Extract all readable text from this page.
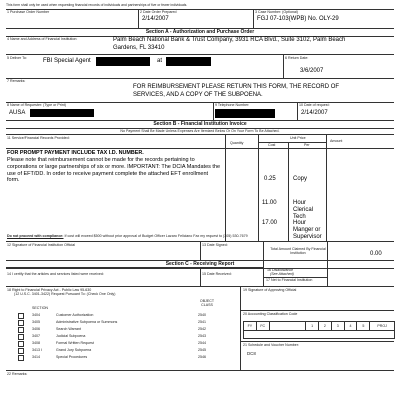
This form shall only be used when requesting financial records of individuals and partnerships of five or fewer individuals.
1 Purchase Order Number	2 Date Order Prepared
2/14/2007
3 Case Number: (Optional)
FGJ 07-103(WPB) No. OLY-29
Section A - Authorization and Purchase Order
4 Name and Address of Financial Institution:	Palm Beach National Bank & Trust Company, 3931 RCA Blvd., Suite 3102, Palm Beach
Gardens, FL 33410
5 Deliver To:	FBI Special Agent	at	6 Return Date:
3/6/2007
7 Remarks:
FOR REIMBURSEMENT PLEASE RETURN THIS FORM, THE RECORD OF
SERVICES, AND A COPY OF THE SUBPOENA.
8 Name of Requester: (Type or Print)
AUSA
9 Telephone Number:	10 Date of request:
2/14/2007
Section B - Financial Institution Invoice
No Payment Shall Be Made Unless Expenses Are Itemized Below Or On Your Form To Be Attached.
11 Service/Financial Records Provided:
Quantity
Unit Price
Cost	Per
Amount
FOR PROMPT PAYMENT INCLUDE TAX I.D. NUMBER.
Please note that reimbursement cannot be made for the records pertaining to corporations or large partnerships of six or more. IMPORTANT: The DCIA Mandates the use of EFT/DD. In order to receive payment complete the attached EFT enrollment form.	0.25	Copy
11.00	Hour Clerical Tech
17.00	Hour Manger or Supervisor
Do not proceed with compliance: If cost will exceed $500 without prior approval of Budget Officer Lazaro Feliciano Fax my request to (305) 530-7679
12 Signature of Financial Institution Official	13 Date Signed:
Total Amount Claimed By Financial Institution	0.00
Section C - Receiving Report
16 Disallowance
(See Attached)
14 I certify that the articles and services listed were received:	15 Date Received:
17 Net to Financial Institution
18 Right to Financial Privacy Act - Public Law 95-630
(12 U.S.C. 3401-3422) Request Pursuant To: (Check One Only)
OBJECT CLASS
SECTION
3404	Customer Authorization	2540
3405	Administrative Subpoena or Summons	2541
3406	Search Warrant	2542
3407	Judicial Subpoena	2543
3408	Formal Written Request	2544
3413 I	Grand Jury Subpoena	2545
3414	Special Procedures	2546
19 Signature of Approving Official
20 Accounting Classification Code
FY	FC	1	2	3	4	5	PROJ
21 Schedule and Voucher Number:
DC8
22 Remarks:
